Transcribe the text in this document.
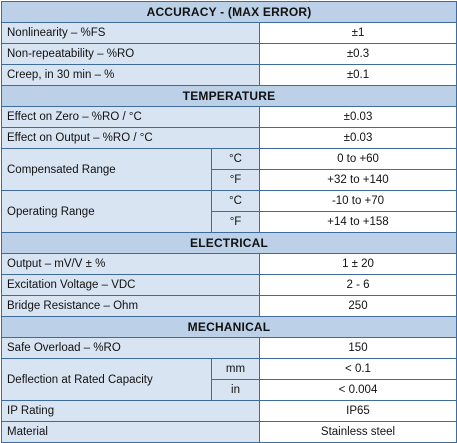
ACCURACY - (MAX ERROR)		
Nonlinearity – %FS		±1
Non-repeatability – %RO		±0.3
Creep, in 30 min – %		±0.1
TEMPERATURE		
Effect on Zero – %RO / °C		±0.03
Effect on Output – %RO / °C		±0.03
Compensated Range	°C	0 to +60
	°F	+32 to +140
Operating Range	°C	-10 to +70
	°F	+14 to +158
ELECTRICAL		
Output – mV/V ± %		1 ± 20
Excitation Voltage – VDC		2 - 6
Bridge Resistance – Ohm		250
MECHANICAL		
Safe Overload – %RO		150
Deflection at Rated Capacity	mm	< 0.1
	in	< 0.004
IP Rating		IP65
Material		Stainless steel
